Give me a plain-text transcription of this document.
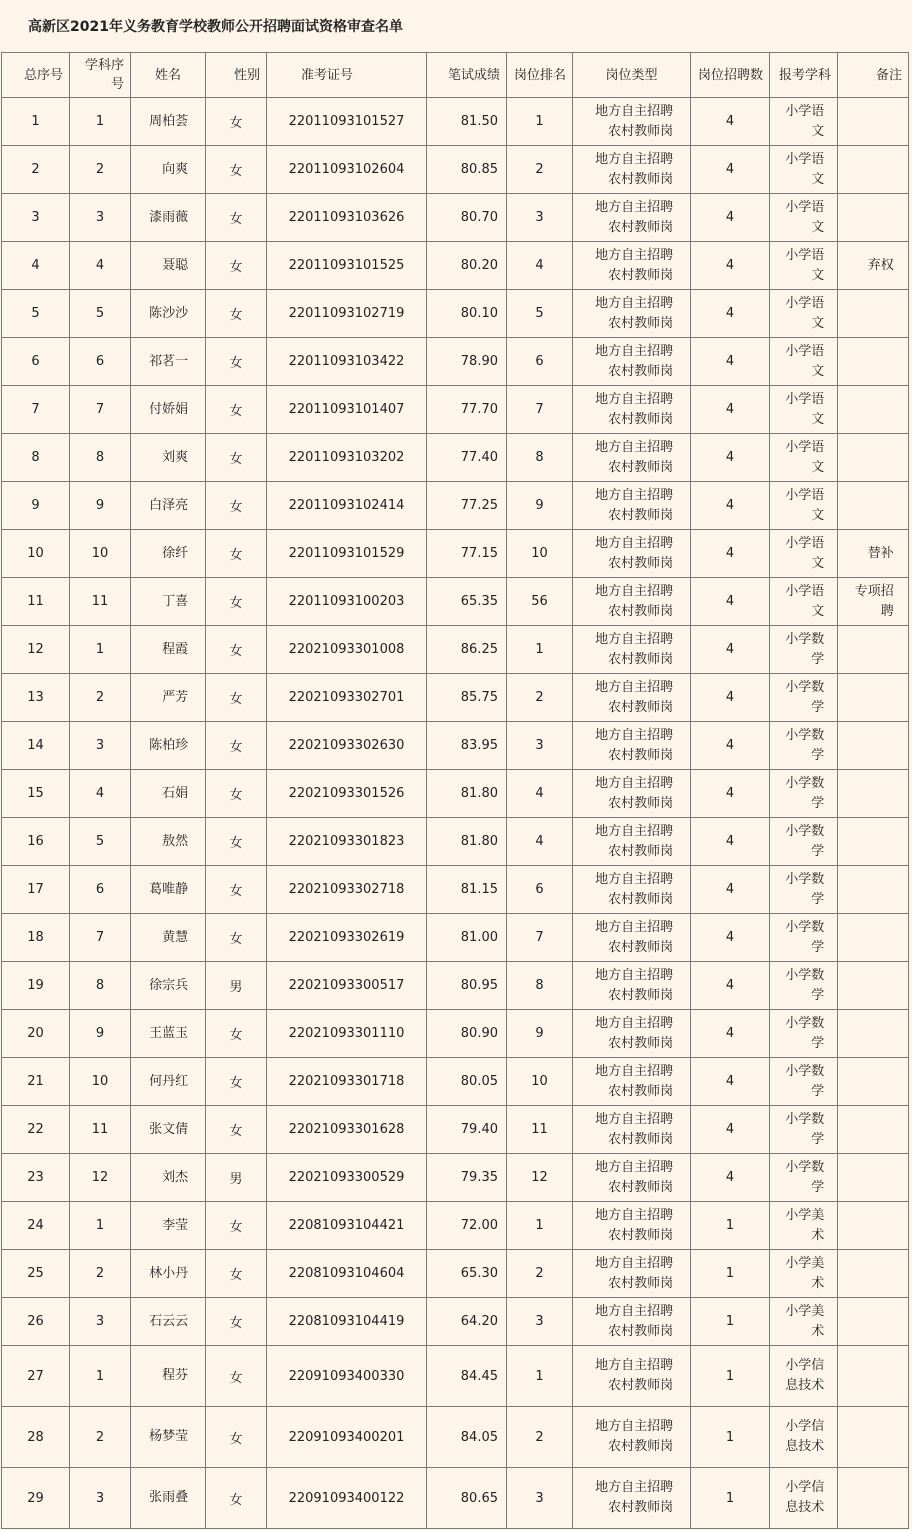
高新区2021年义务教育学校教师公开招聘面试资格审查名单
总序号	学科序号	姓名	性别	准考证号	笔试成绩	岗位排名	岗位类型	岗位招聘数	报考学科	备注

1	1	周柏荟	女	22011093101527	81.50	1	地方自主招聘农村教师岗	4	小学语文	

2	2	向爽	女	22011093102604	80.85	2	地方自主招聘农村教师岗	4	小学语文	

3	3	漆雨薇	女	22011093103626	80.70	3	地方自主招聘农村教师岗	4	小学语文	

4	4	聂聪	女	22011093101525	80.20	4	地方自主招聘农村教师岗	4	小学语文	弃权

5	5	陈沙沙	女	22011093102719	80.10	5	地方自主招聘农村教师岗	4	小学语文	

6	6	祁茗一	女	22011093103422	78.90	6	地方自主招聘农村教师岗	4	小学语文	

7	7	付娇娟	女	22011093101407	77.70	7	地方自主招聘农村教师岗	4	小学语文	

8	8	刘爽	女	22011093103202	77.40	8	地方自主招聘农村教师岗	4	小学语文	

9	9	白泽亮	女	22011093102414	77.25	9	地方自主招聘农村教师岗	4	小学语文	

10	10	徐纤	女	22011093101529	77.15	10	地方自主招聘农村教师岗	4	小学语文	替补

11	11	丁喜	女	22011093100203	65.35	56	地方自主招聘农村教师岗	4	小学语文	专项招聘

12	1	程霞	女	22021093301008	86.25	1	地方自主招聘农村教师岗	4	小学数学	

13	2	严芳	女	22021093302701	85.75	2	地方自主招聘农村教师岗	4	小学数学	

14	3	陈柏珍	女	22021093302630	83.95	3	地方自主招聘农村教师岗	4	小学数学	

15	4	石娟	女	22021093301526	81.80	4	地方自主招聘农村教师岗	4	小学数学	

16	5	敖然	女	22021093301823	81.80	4	地方自主招聘农村教师岗	4	小学数学	

17	6	葛唯静	女	22021093302718	81.15	6	地方自主招聘农村教师岗	4	小学数学	

18	7	黄慧	女	22021093302619	81.00	7	地方自主招聘农村教师岗	4	小学数学	

19	8	徐宗兵	男	22021093300517	80.95	8	地方自主招聘农村教师岗	4	小学数学	

20	9	王蓝玉	女	22021093301110	80.90	9	地方自主招聘农村教师岗	4	小学数学	

21	10	何丹红	女	22021093301718	80.05	10	地方自主招聘农村教师岗	4	小学数学	

22	11	张文倩	女	22021093301628	79.40	11	地方自主招聘农村教师岗	4	小学数学	

23	12	刘杰	男	22021093300529	79.35	12	地方自主招聘农村教师岗	4	小学数学	

24	1	李莹	女	22081093104421	72.00	1	地方自主招聘农村教师岗	1	小学美术	

25	2	林小丹	女	22081093104604	65.30	2	地方自主招聘农村教师岗	1	小学美术	

26	3	石云云	女	22081093104419	64.20	3	地方自主招聘农村教师岗	1	小学美术	

27	1	程芬	女	22091093400330	84.45	1	地方自主招聘农村教师岗	1	小学信息技术	

28	2	杨梦莹	女	22091093400201	84.05	2	地方自主招聘农村教师岗	1	小学信息技术	

29	3	张雨叠	女	22091093400122	80.65	3	地方自主招聘农村教师岗	1	小学信息技术	
